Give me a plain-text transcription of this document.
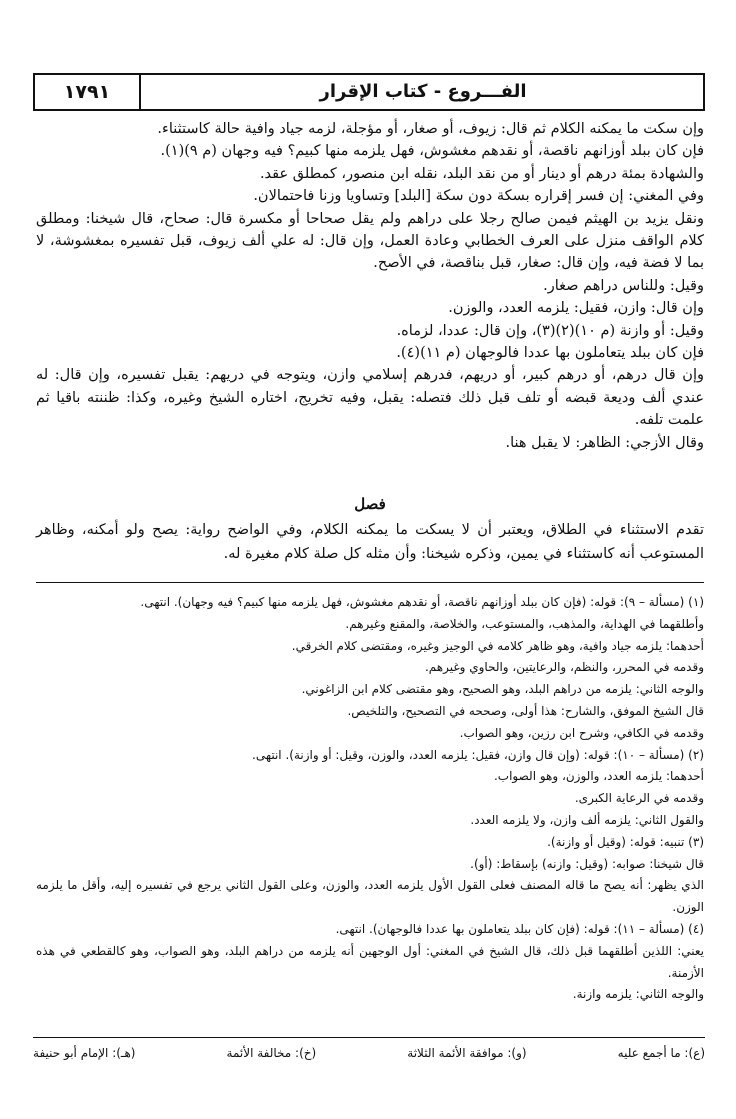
الفـــروع - كتاب الإقرار
١٧٩١

وإن سكت ما يمكنه الكلام ثم قال: زيوف، أو صغار، أو مؤجلة، لزمه جياد وافية حالة كاستثناء.

فإن كان ببلد أوزانهم ناقصة، أو نقدهم مغشوش، فهل يلزمه منها كبيم؟ فيه وجهان (م ٩)(١).

والشهادة بمئة درهم أو دينار أو من نقد البلد، نقله ابن منصور، كمطلق عقد.

وفي المغني: إن فسر إقراره بسكة دون سكة [البلد] وتساويا وزنا فاحتمالان.

ونقل يزيد بن الهيثم فيمن صالح رجلا على دراهم ولم يقل صحاحا أو مكسرة قال: صحاح، قال شيخنا: ومطلق كلام الواقف منزل على العرف الخطابي وعادة العمل، وإن قال: له علي ألف زيوف، قبل تفسيره بمغشوشة، لا بما لا فضة فيه، وإن قال: صغار، قبل بناقصة، في الأصح.

وقيل: وللناس دراهم صغار.

وإن قال: وازن، فقيل: يلزمه العدد، والوزن.

وقيل: أو وازنة (م ١٠)(٢)(٣)، وإن قال: عددا، لزماه.

فإن كان ببلد يتعاملون بها عددا فالوجهان (م ١١)(٤).

وإن قال درهم، أو درهم كبير، أو دريهم، فدرهم إسلامي وازن، ويتوجه في دريهم: يقبل تفسيره، وإن قال: له عندي ألف وديعة قبضه أو تلف قبل ذلك فتصله: يقبل، وفيه تخريج، اختاره الشيخ وغيره، وكذا: ظننته باقيا ثم علمت تلفه.

وقال الأزجي: الظاهر: لا يقبل هنا.

فصل

تقدم الاستثناء في الطلاق، ويعتبر أن لا يسكت ما يمكنه الكلام، وفي الواضح رواية: يصح ولو أمكنه، وظاهر المستوعب أنه كاستثناء في يمين، وذكره شيخنا: وأن مثله كل صلة كلام مغيرة له.

(١) (مسألة – ٩): قوله: (فإن كان ببلد أوزانهم ناقصة، أو نقدهم مغشوش، فهل يلزمه منها كبيم؟ فيه وجهان). انتهى.

وأطلقهما في الهداية، والمذهب، والمستوعب، والخلاصة، والمقنع وغيرهم.

أحدهما: يلزمه جياد وافية، وهو ظاهر كلامه في الوجيز وغيره، ومقتضى كلام الخرقي.

وقدمه في المحرر، والنظم، والرعايتين، والحاوي وغيرهم.

والوجه الثاني: يلزمه من دراهم البلد، وهو الصحيح، وهو مقتضى كلام ابن الزاغوني.

قال الشيخ الموفق، والشارح: هذا أولى، وصححه في التصحيح، والتلخيص.

وقدمه في الكافي، وشرح ابن رزين، وهو الصواب.

(٢) (مسألة – ١٠): قوله: (وإن قال وازن، فقيل: يلزمه العدد، والوزن، وقيل: أو وازنة). انتهى.

أحدهما: يلزمه العدد، والوزن، وهو الصواب.

وقدمه في الرعاية الكبرى.

والقول الثاني: يلزمه ألف وازن، ولا يلزمه العدد.

(٣) تنبيه: قوله: (وقيل أو وازنة).

قال شيخنا: صوابه: (وقيل: وازنه) بإسقاط: (أو).

الذي يظهر: أنه يصح ما قاله المصنف فعلى القول الأول يلزمه العدد، والوزن، وعلى القول الثاني يرجع في تفسيره إليه، وأقل ما يلزمه الوزن.

(٤) (مسألة – ١١): قوله: (فإن كان ببلد يتعاملون بها عددا فالوجهان). انتهى.

يعني: اللذين أطلقهما قبل ذلك، قال الشيخ في المغني: أول الوجهين أنه يلزمه من دراهم البلد، وهو الصواب، وهو كالقطعي في هذه الأزمنة.

والوجه الثاني: يلزمه وازنة.

(ع): ما أجمع عليه
(و): موافقة الأئمة الثلاثة
(خ): مخالفة الأئمة
(هـ): الإمام أبو حنيفة
